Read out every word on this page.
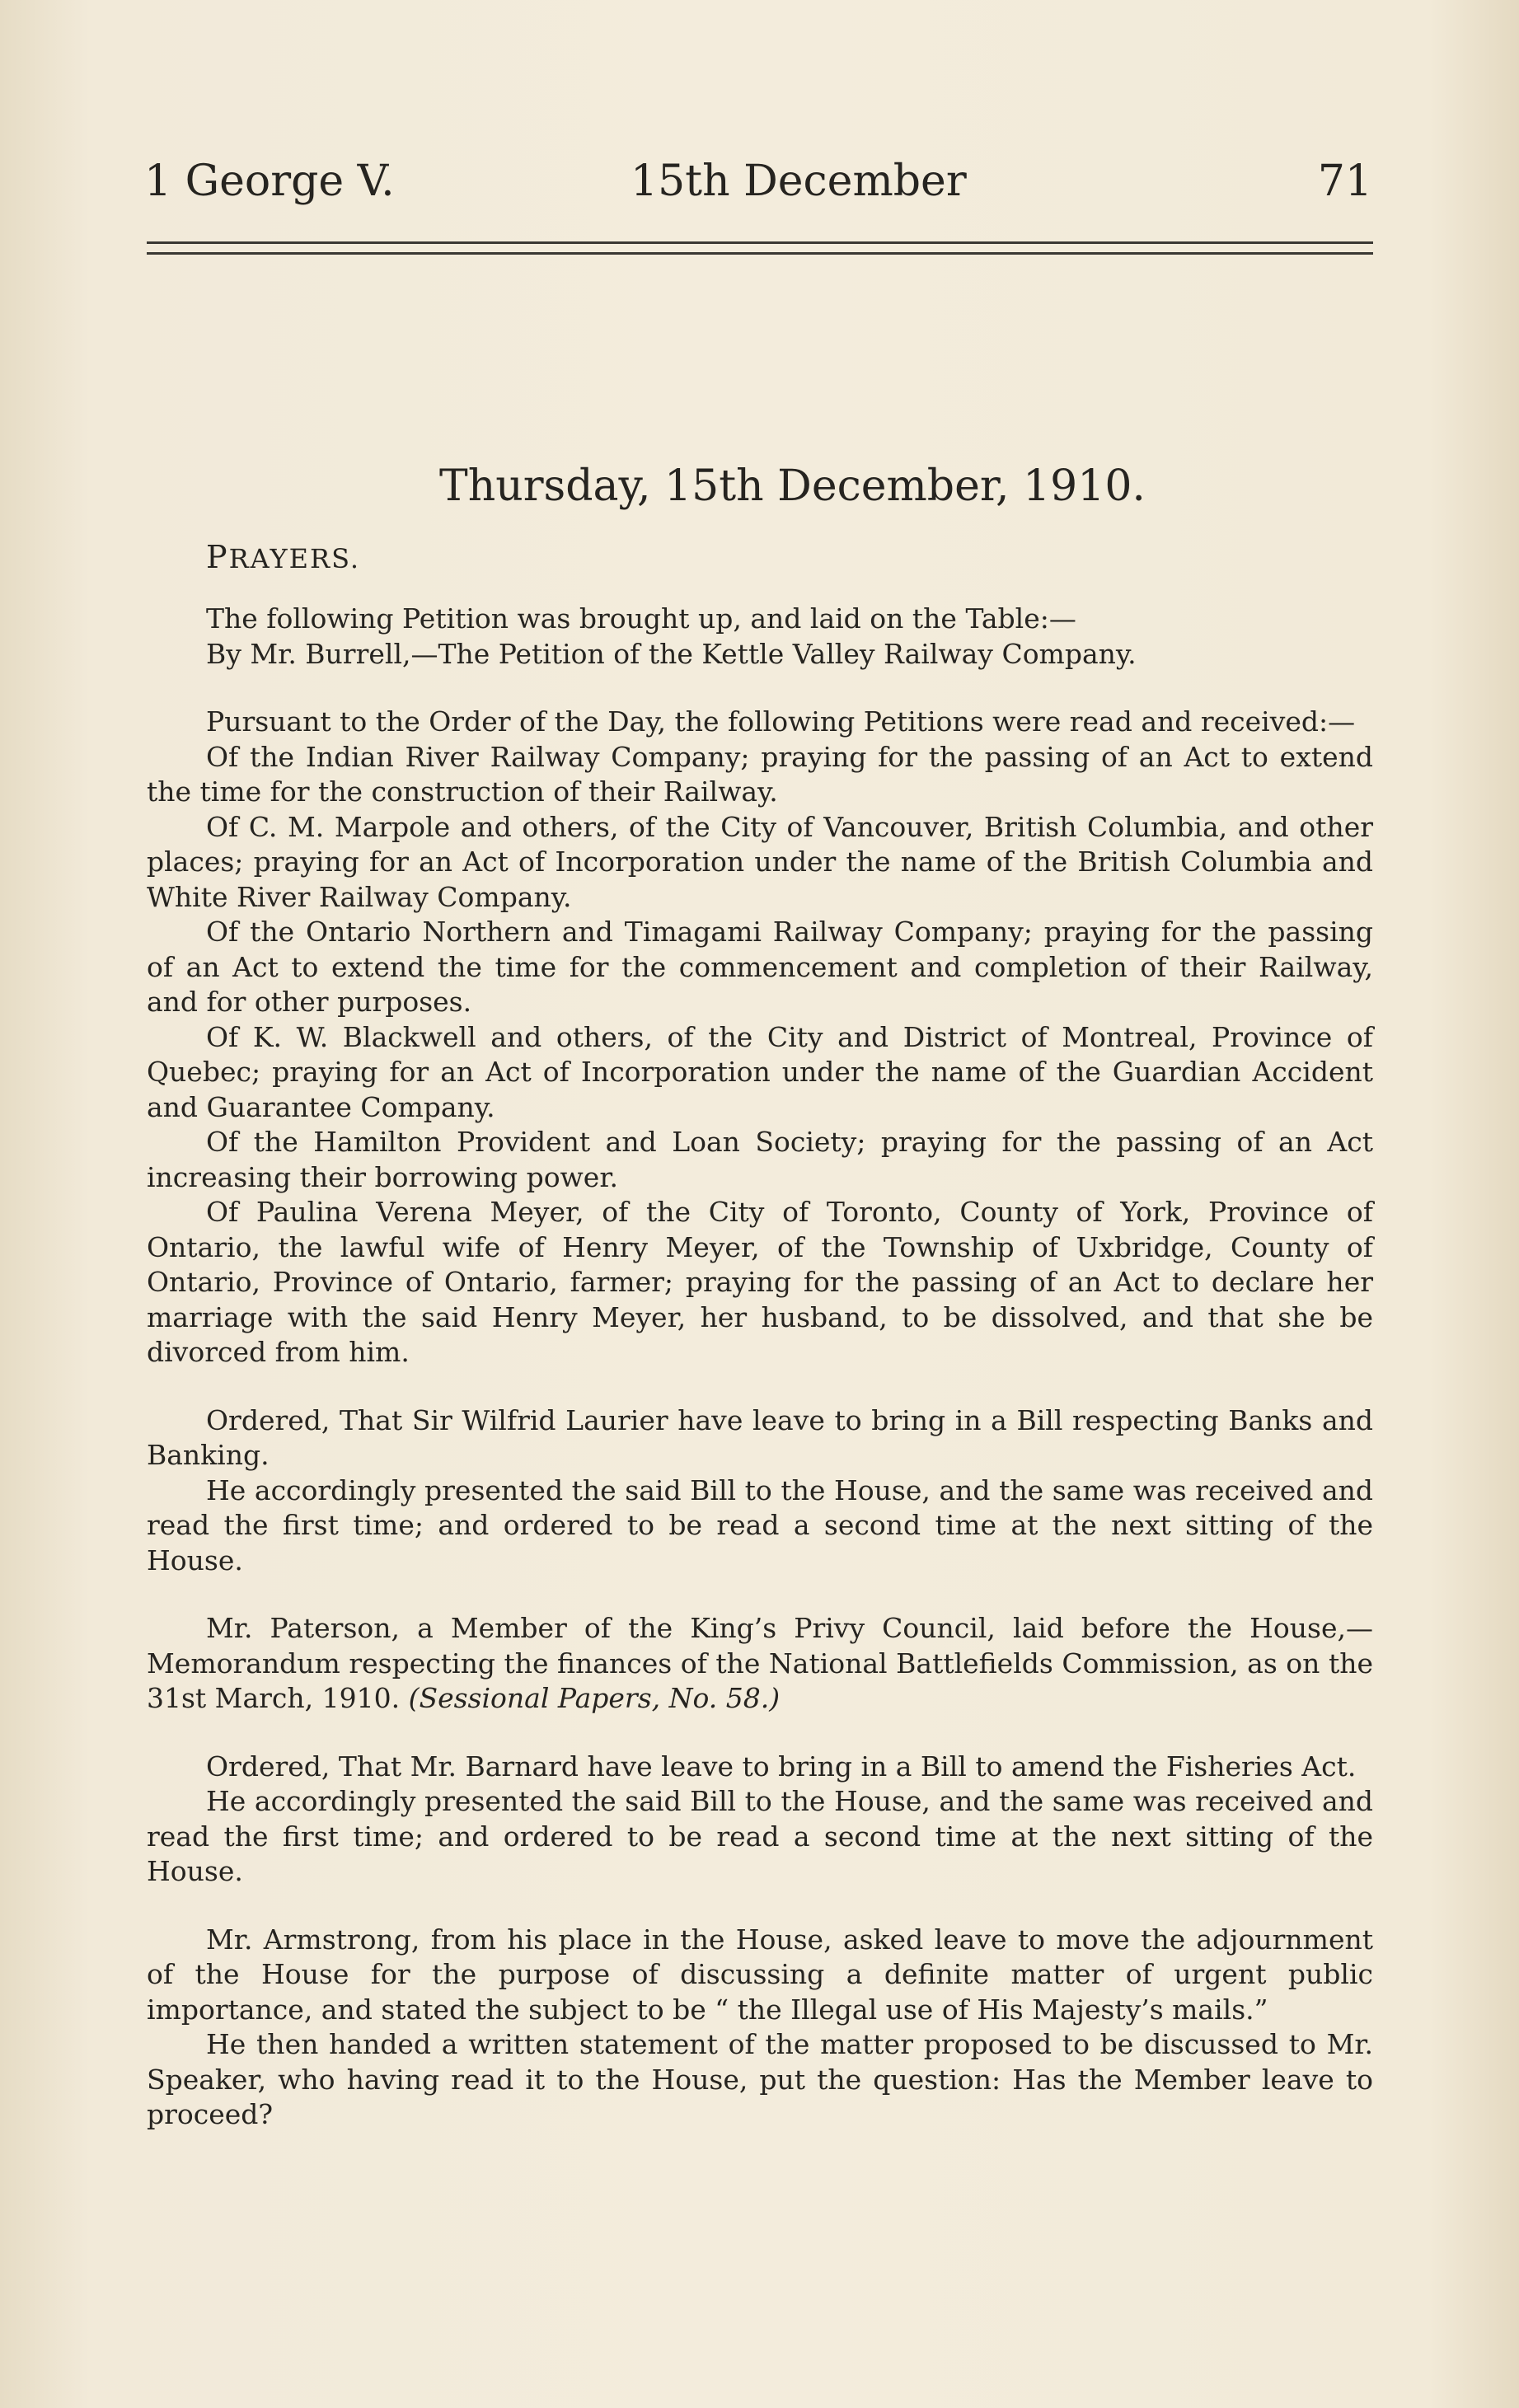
1 George V.	15th December	71
Thursday, 15th December, 1910.
PRAYERS.

The following Petition was brought up, and laid on the Table:—

By Mr. Burrell,—The Petition of the Kettle Valley Railway Company.

Pursuant to the Order of the Day, the following Petitions were read and received:—

Of the Indian River Railway Company; praying for the passing of an Act to extend the time for the construction of their Railway.

Of C. M. Marpole and others, of the City of Vancouver, British Columbia, and other places; praying for an Act of Incorporation under the name of the British Columbia and White River Railway Company.

Of the Ontario Northern and Timagami Railway Company; praying for the passing of an Act to extend the time for the commencement and completion of their Railway, and for other purposes.

Of K. W. Blackwell and others, of the City and District of Montreal, Province of Quebec; praying for an Act of Incorporation under the name of the Guardian Accident and Guarantee Company.

Of the Hamilton Provident and Loan Society; praying for the passing of an Act increasing their borrowing power.

Of Paulina Verena Meyer, of the City of Toronto, County of York, Province of Ontario, the lawful wife of Henry Meyer, of the Township of Uxbridge, County of Ontario, Province of Ontario, farmer; praying for the passing of an Act to declare her marriage with the said Henry Meyer, her husband, to be dissolved, and that she be divorced from him.

Ordered, That Sir Wilfrid Laurier have leave to bring in a Bill respecting Banks and Banking.

He accordingly presented the said Bill to the House, and the same was received and read the first time; and ordered to be read a second time at the next sitting of the House.

Mr. Paterson, a Member of the King’s Privy Council, laid before the House,—Memorandum respecting the finances of the National Battlefields Commission, as on the 31st March, 1910. (Sessional Papers, No. 58.)

Ordered, That Mr. Barnard have leave to bring in a Bill to amend the Fisheries Act.

He accordingly presented the said Bill to the House, and the same was received and read the first time; and ordered to be read a second time at the next sitting of the House.

Mr. Armstrong, from his place in the House, asked leave to move the adjournment of the House for the purpose of discussing a definite matter of urgent public importance, and stated the subject to be “ the Illegal use of His Majesty’s mails.”

He then handed a written statement of the matter proposed to be discussed to Mr. Speaker, who having read it to the House, put the question: Has the Member leave to proceed?
